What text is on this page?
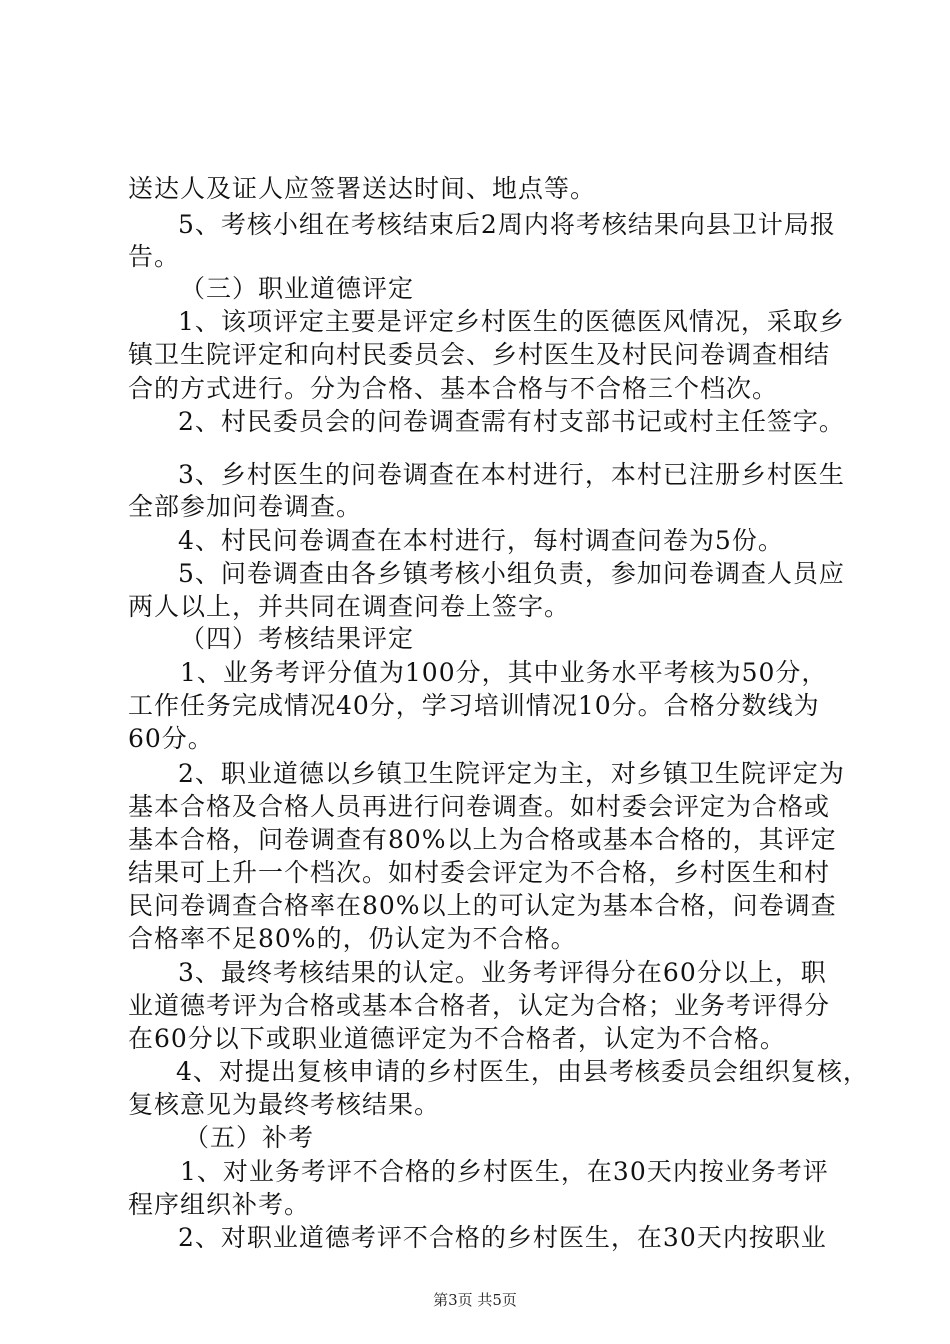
送达人及证人应签署送达时间、地点等。
5、考核小组在考核结束后2周内将考核结果向县卫计局报
告。
（三）职业道德评定
1、该项评定主要是评定乡村医生的医德医风情况，采取乡
镇卫生院评定和向村民委员会、乡村医生及村民问卷调查相结
合的方式进行。分为合格、基本合格与不合格三个档次。
2、村民委员会的问卷调查需有村支部书记或村主任签字。
3、乡村医生的问卷调查在本村进行，本村已注册乡村医生
全部参加问卷调查。
4、村民问卷调查在本村进行，每村调查问卷为5份。
5、问卷调查由各乡镇考核小组负责，参加问卷调查人员应
两人以上，并共同在调查问卷上签字。
（四）考核结果评定
1、业务考评分值为100分，其中业务水平考核为50分，
工作任务完成情况40分，学习培训情况10分。合格分数线为
60分。
2、职业道德以乡镇卫生院评定为主，对乡镇卫生院评定为
基本合格及合格人员再进行问卷调查。如村委会评定为合格或
基本合格，问卷调查有80%以上为合格或基本合格的，其评定
结果可上升一个档次。如村委会评定为不合格，乡村医生和村
民问卷调查合格率在80%以上的可认定为基本合格，问卷调查
合格率不足80%的，仍认定为不合格。
3、最终考核结果的认定。业务考评得分在60分以上，职
业道德考评为合格或基本合格者，认定为合格；业务考评得分
在60分以下或职业道德评定为不合格者，认定为不合格。
4、对提出复核申请的乡村医生，由县考核委员会组织复核，
复核意见为最终考核结果。
（五）补考
1、对业务考评不合格的乡村医生，在30天内按业务考评
程序组织补考。
2、对职业道德考评不合格的乡村医生，在30天内按职业
第3页 共5页
